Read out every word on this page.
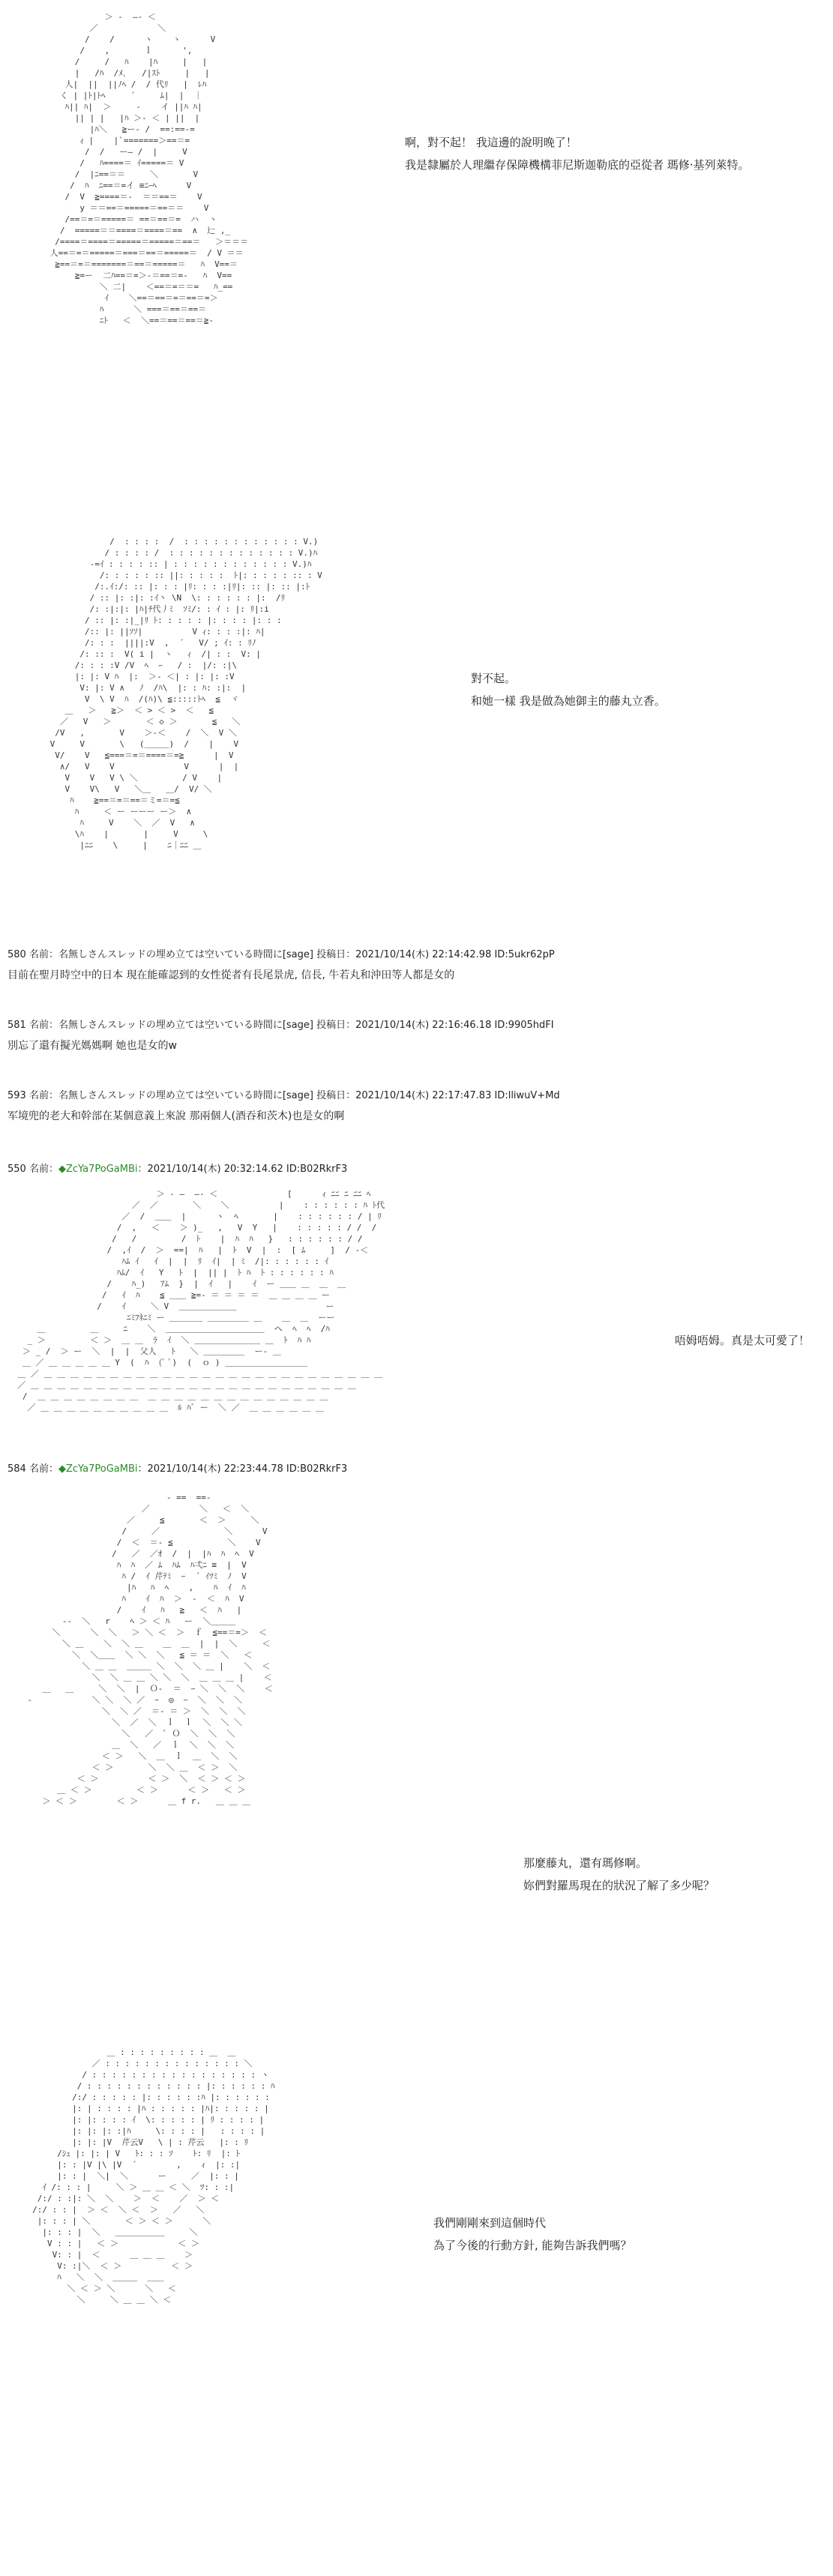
＞ ‐  ―‐ ＜
／            ＼
/    /      ヽ    ヽ      V
/    ,       ｌ      ',
/     /   ﾊ    |ﾊ     |   |
|   /ﾊ  /ﾒ､   /|ｽﾄ     |   |
人|  ||  ||ﾉﾍ /  / 代ﾘ   |  ﾚﾊ
く | |ﾄ|ﾄﾍ     ´     ﾑ|  |  ｜
ﾊ|| ﾊ|  ＞     ‐    イ ||ﾊ ﾊ|
|| | |   |ﾊ ＞- ＜ | ||  |
|ﾊ＼   ≧ー‐ /  ==:==‐=
ｨ |    |`=======＞==＝=
/  /   ー― /  |     V
/   ﾊ====＝ ｲ=====＝ V
/  |ﾆ==＝＝     ＼       V
/  ﾊ  ﾆ==＝=イ ≡ﾆｰﾍ      V
/  V  ≧====＝-  ＝＝==＝    V
y ＝＝==＝=====＝==＝＝    V
/==＝=＝=====＝ ==＝==＝=  ハ  ヽ
/  =====＝＝====＝====＝==  ∧  辷 ,_
/====＝====＝=====＝=====＝==＝   ＞＝＝＝
人==＝=＝=====＝===＝==＝=====＝  / V ＝＝
≧==＝=＝=======＝==＝=====＝   ﾊ  V==＝
≧=ー  二ﾊ==＝=＞-＝==＝=-   ﾊ  V==
＼ 二|    ＜==＝=＝＝=   ﾊ_==
ｲ    ＼==＝==＝=＝==＝=＞
ﾊ      ＼ ===＝==＝==＝
ﾆﾄ   ＜  ＼==＝==＝==＝≧-

啊，對不起！ 我這邊的說明晚了！
我是隸屬於人理繼存保障機構菲尼斯迦勒底的亞從者 瑪修·基列萊特。
/  : : : :  /  : : : : : : : : : : : : V.)
/ : : : : /  : : : : : : : : : : : : : V.)ﾊ
‐=ｲ : : : : :: | : : : : : : : : : : : : V.)ﾊ
/: : : : : :: ||: : : : :  ﾄ|: : : : : :: : V
/:.ｲ:/: :: |: : : |ﾘ: : : :|ﾘ|: :: |: :: |:ﾄ
/ :: |: :|: :ｲ丶 \N  \: : : : : : |:  /ﾘ
/: :|:|: |ﾊ|ﾁ代丿ﾐ  ｿﾐ/: : ｲ : |: ﾘ|:i
/ :: |: :|_|ﾘ ﾄ: : : : : |: : : : |: : :
/:: |: ||ｿｿ|          V ｨ: : : :|: ﾊ|
/: : :  ||||:V  ,  ´   V/ ; ｲ: : ﾘﾉ
/: :: :  V( i |  ヽ   ｨ  /| : :  V: |
/: : : :V /V  ﾍ  ｰ   / :  |/: :|\
|: |: V ﾊ  |:  ＞‐ ＜| : |: |: :V
V: |: V ∧   ﾉ  /ﾊ\  |: : ﾊ: :|:  |
V  \ V  ﾊ  /(ﾊ)\ ≦:::::ﾄﾍ  ≦  ヾ
＿   ＞   ≧＞  ＜ > ＜ >  ＜   ≦
／   V   ＞       ＜ ◇ ＞       ≦   ＼
/V   ,       V    ＞‐＜    /  ＼  V ＼
V     V       \   (＿＿＿)  /    |    V
V/    V   ≦===＝=＝====＝=≧      |  V
∧/   V    V              V      |  |
V    V   V \ ＼         / V    |
V    V\   V   ＼＿   ＿/  V/ ＼
ﾊ    ≧==＝=＝==＝ミ=＝=≦
ﾊ     ＜ ー ーーー ー＞  ∧
ﾊ     V    ＼  ／  V   ∧
\ﾊ    |       |     V     \
|ﾆﾆ    \     |    ﾆ｜ﾆﾆ ＿

對不起。
和她一樣 我是做為她御主的藤丸立香。
580 名前：名無しさんスレッドの埋め立ては空いている時間に[sage] 投稿日：2021/10/14(木) 22:14:42.98 ID:5ukr62pP
目前在聖月時空中的日本 現在能確認到的女性從者有長尾景虎, 信長, 牛若丸和沖田等人都是女的
581 名前：名無しさんスレッドの埋め立ては空いている時間に[sage] 投稿日：2021/10/14(木) 22:16:46.18 ID:9905hdFI
別忘了還有擬光媽媽啊 她也是女的w
593 名前：名無しさんスレッドの埋め立ては空いている時間に[sage] 投稿日：2021/10/14(木) 22:17:47.83 ID:lliwuV+Md
军境兜的老大和幹部在某個意義上來說 那兩個人(酒吞和茨木)也是女的啊
550 名前：◆ZcYa7PoGaMBi：2021/10/14(木) 20:32:14.62 ID:B02RkrF3
＞ ‐ ―  ―‐ ＜              [      ｨ ﾆﾆ ﾆ ﾆﾆ ﾍ
／  ／       ＼    ＼          |    : : : : : : ﾊ ﾄ代
／  /  ＿＿  |      ヽ  ﾍ       |    : : : : : : / | ﾘ
/  ,   ＜    ＞ )_   ,   V  Y   |    : : : : : / /  /
/   /         /  ﾄ    |  ﾊ  ﾊ   }   : : : : : : / /
/  ,ｲ  /  ＞  ==|  ﾊ   |  ﾄ  V  |  :  [ ﾑ     ]  / ‐＜
ﾊﾑ ｲ   ｲ  |  |  ﾘ  ｲ|  | ﾐ  /|: : : : : : ｲ
ﾊﾑ/  ｲ   Y   ﾄ  |  || |  ﾄ ﾊ  ﾄ : : : : : : ﾊ
/    ﾊ_)   ｱﾑ  }  |  ｲ   |    ｲ  ー ＿＿ ＿  ＿  ＿
/   ｲ  ﾊ    ≦ ＿＿ ≧=‐ ＝ ＝ ＝ ＝  ＿ ＿ ＿ ＿ ー
/    ｲ     ＼ V  ＿＿＿＿＿＿＿                  ー
ﾆﾐﾌﾈﾆﾐ ー ＿＿＿＿ ＿＿＿＿＿ ＿    ＿  ＿  ーー
＿         ＿     ﾆ    ＼  ＿＿＿＿＿＿＿＿＿＿＿＿  ヘ  ﾍ  ﾍ  /ﾊ
_ ＞         ＜ ＞  ＿ ＿  ﾗ  ｲ  ＼ ＿＿＿＿＿＿＿＿ ＿  ﾄ  ﾊ ﾊ
＞ _ /  ＞ ー  ＼  |  |  父人   ﾄ   ＼ ＿＿＿＿＿  ー‐ ＿
＿ ／ ＿ ＿ ＿ ＿ ＿ Y  (  ﾊ  (ﾟ ﾟ)  (  ｏ ) ＿＿＿＿＿＿＿＿＿＿
＿ ／ ＿ ＿ ＿ ＿ ＿ ＿ ＿ ＿ ＿ ＿ ＿ ＿ ＿ ＿ ＿ ＿ ＿ ＿ ＿ ＿ ＿ ＿ ＿ ＿ ＿ ＿
／ ＿ ＿ ＿ ＿ ＿ ＿ ＿ ＿ ＿ ＿ ＿ ＿ ＿ ＿ ＿ ＿ ＿ ＿ ＿ ＿ ＿ ＿ ＿ ＿ ＿
/  ＿ ＿ ＿ ＿ ＿ ＿ ＿ ＿  ＿ ＿ ＿ ＿ ＿ ＿ ＿ ＿ ＿ ＿ ＿ ＿ ＿ ＿
／ ＿ ＿ ＿ ＿ ＿ ＿ ＿ ＿ ＿ ＿  ﾙ ﾊﾞ ー  ＼ ／  ＿ ＿ ＿ ＿ ＿ ＿

唔姆唔姆。真是太可愛了！
584 名前：◆ZcYa7PoGaMBi：2021/10/14(木) 22:23:44.78 ID:B02RkrF3
‐ ==  ==‐
／          ＼   ＜  ＼
／     ≦       ＜  ＞     ＼
/     ／             ＼      V
/  ＜  ＝‐ ≦           ＼    V
/   ／  ／ｵ  /  |  |ﾊ  ﾊ  ﾍ  V
ﾊ  ﾊ  ／ ﾑ  ﾊﾑ  ﾊ弌ﾆ ≡  |  V
ﾊ /  ｲ 芹ﾃﾐ  ｰ  ´ ｲﾂﾐ  ﾉ  V
|ﾊ   ﾊ  ﾍ    ,    ﾊ  ｲ  ﾊ
ﾊ    ｲ  ﾊ  ＞  ‐  ＜  ﾊ  V
/    ｲ   ﾊ   ≧   ＜  ﾊ   |
‐‐  ＼   r    ﾍ ＞ ＜ ﾊ   ー  ＼＿＿＿
＼      ＼  ＼   ＞ ＼ ＜  ＞  ｆ  ≦==＝=＞  ＜
＼ ＿    ＼  ＼ ＿    ＿  ＿  |  |  ＼     ＜
＼  ＼＿＿  ＼ ＼  ＼   ≦ ＝ ＝  ＼   ＜
＼ ＿ ＿  ＿＿＿ ＼  ＼  ＼ ＿ |    ＼  ＜
＼  ＼ ＿ ＿ ＼ ＼  ＼  ＿ ＿ ＿ |    ＜
＿   ＿     ＼  ＼  |  Ｏ‐  ＝  ｰ ＼  ＼  ＼    ＜
‐            ＼ ＼  ＼ ／  ｰ  ◎  ｰ  ＼  ＼  ＼
＼  ＼ ／  ＝‐ ＝ ＞  ＼  ＼  ＼
＼  ／  ＼  ｌ  ｌ  ＼  ＼ ＼
＼   ／  ﾟ Ｏ  ＼  ＼  ＼
＿  ＼   ／  ｌ  ＼  ＼  ＼
＜ ＞   ＼  ＿  ｌ  ＿  ＼  ＼
＜ ＞       ＼  ＼ ＿  ＜ ＞  ＼
＜ ＞          ＜ ＞  ＼  ＜ ＞ ＜ ＞
＿ ＜ ＞         ＜ ＞      ＜ ＞   ＜ ＞
＞ ＜ ＞        ＜ ＞      ＿ f r.   ＿ ＿ ＿

那麼藤丸，還有瑪修啊。
妳們對羅馬現在的狀況了解了多少呢？
＿ : : : : : : : : : ＿  ＿
／ : : : : : : : : : : : : : : ＼
/ : : : : : : : : : : : : : : : : : ヽ
/ : : : : : : : : : : : : |: : : : : : ﾊ
/:/ : : : : : |: : : : : :ﾊ |: : : : : :
|: | : : : : |ﾊ : : : : : |ﾊ|: : : : : |
|: |: : : : ｲ  \: : : : : | ﾘ : : : : |
|: |: |: :|ﾊ     \: : : : |   : : : : |
|: |: |V  芹云V   \ | : 芹云   |: : ﾘ
/ｼｭ |: |: | V   ﾄ: : : ｿ    ﾄ: ﾘ  |: ﾄ
|: : |V |\ |V  ´        ,    ｨ  |: :|
|: : |  ＼|  ＼      ー     ／  |: : |
ｲ /: : : |     ＼ ＞ ＿ ＿ ＜ ＼  ﾂ: : :|
/:/ : :|: ＼  ＼    ＞  ＜    ／  ＞ ＜
/:/ : : |  ＞ ＜  ＼ ＜  ＞   ／   ＼
|: : : | ＼       ＜ ＞ ＜ ＞      ＼
|: : : |  ＼   ＿＿＿＿＿＿     ＼
V : : |   ＜ ＞            ＜ ＞
V: : |  ＜      ＿ ＿ ＿    ＞
V: :|＼  ＜ ＞          ＜ ＞
ﾊ   ＼  ＼  ＿＿＿  ＿＿
＼ ＜ ＞ ＼      ＼   ＜
＼     ＼ ＿ ＿ ＼ ＜

我們剛剛來到這個時代
為了今後的行動方針, 能夠告訴我們嗎？
